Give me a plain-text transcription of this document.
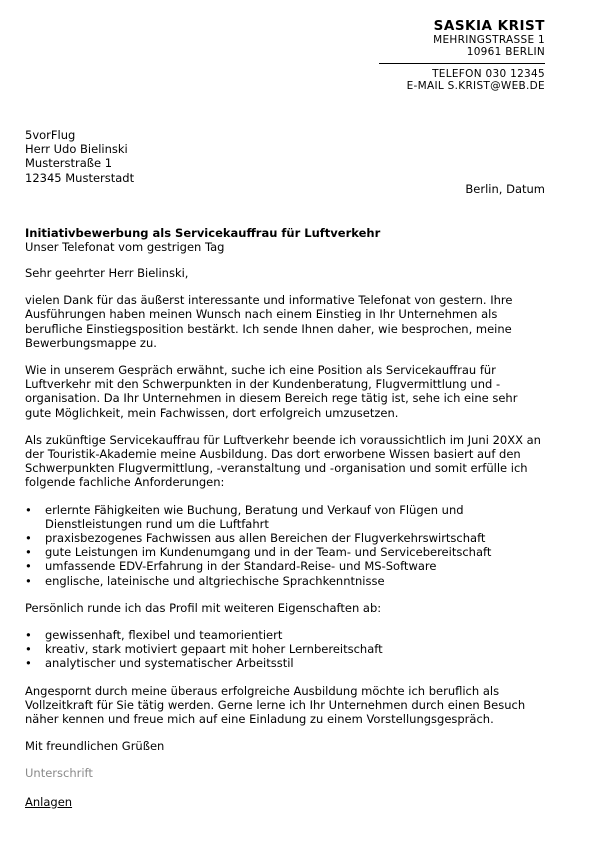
SASKIA KRIST
MEHRINGSTRASSE 1
10961 BERLIN
TELEFON 030 12345
E-MAIL S.KRIST@WEB.DE
5vorFlug
Herr Udo Bielinski
Musterstraße 1
12345 Musterstadt
Berlin, Datum
Initiativbewerbung als Servicekauffrau für Luftverkehr
Unser Telefonat vom gestrigen Tag

Sehr geehrter Herr Bielinski,

vielen Dank für das äußerst interessante und informative Telefonat von gestern. Ihre Ausführungen haben meinen Wunsch nach einem Einstieg in Ihr Unternehmen als berufliche Einstiegsposition bestärkt. Ich sende Ihnen daher, wie besprochen, meine Bewerbungsmappe zu.

Wie in unserem Gespräch erwähnt, suche ich eine Position als Servicekauffrau für Luftverkehr mit den Schwerpunkten in der Kundenberatung, Flugvermittlung und -organisation. Da Ihr Unternehmen in diesem Bereich rege tätig ist, sehe ich eine sehr gute Möglichkeit, mein Fachwissen, dort erfolgreich umzusetzen.

Als zukünftige Servicekauffrau für Luftverkehr beende ich voraussichtlich im Juni 20XX an der Touristik-Akademie meine Ausbildung. Das dort erworbene Wissen basiert auf den Schwerpunkten Flugvermittlung, -veranstaltung und -organisation und somit erfülle ich folgende fachliche Anforderungen:

• erlernte Fähigkeiten wie Buchung, Beratung und Verkauf von Flügen und Dienstleistungen rund um die Luftfahrt
• praxisbezogenes Fachwissen aus allen Bereichen der Flugverkehrswirtschaft
• gute Leistungen im Kundenumgang und in der Team- und Servicebereitschaft
• umfassende EDV-Erfahrung in der Standard-Reise- und MS-Software
• englische, lateinische und altgriechische Sprachkenntnisse

Persönlich runde ich das Profil mit weiteren Eigenschaften ab:

• gewissenhaft, flexibel und teamorientiert
• kreativ, stark motiviert gepaart mit hoher Lernbereitschaft
• analytischer und systematischer Arbeitsstil

Angespornt durch meine überaus erfolgreiche Ausbildung möchte ich beruflich als Vollzeitkraft für Sie tätig werden. Gerne lerne ich Ihr Unternehmen durch einen Besuch näher kennen und freue mich auf eine Einladung zu einem Vorstellungsgespräch.

Mit freundlichen Grüßen

Unterschrift
Anlagen
